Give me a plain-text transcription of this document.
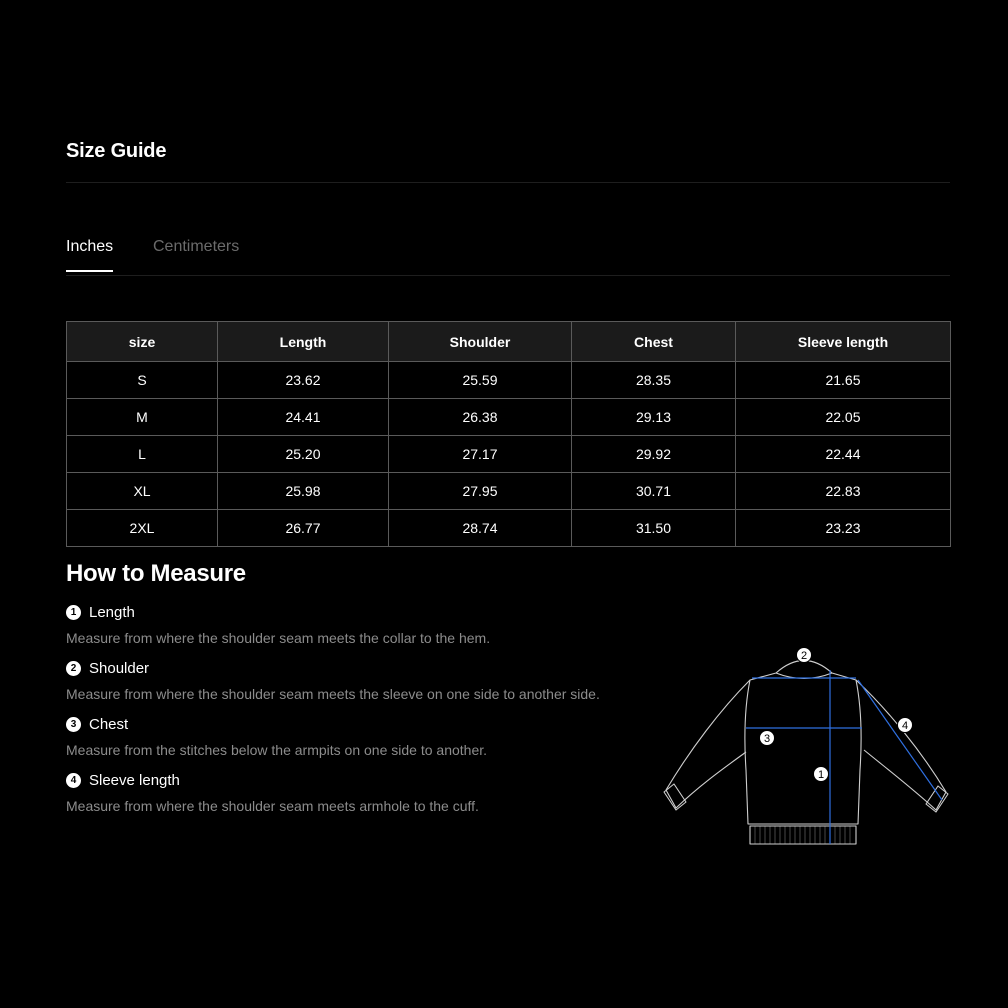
Size Guide
Inches Centimeters
size	Length	Shoulder	Chest	Sleeve length
S	23.62	25.59	28.35	21.65
M	24.41	26.38	29.13	22.05
L	25.20	27.17	29.92	22.44
XL	25.98	27.95	30.71	22.83
2XL	26.77	28.74	31.50	23.23
How to Measure
1 Length
Measure from where the shoulder seam meets the collar to the hem.
2 Shoulder
Measure from where the shoulder seam meets the sleeve on one side to another side.
3 Chest
Measure from the stitches below the armpits on one side to another.
4 Sleeve length
Measure from where the shoulder seam meets armhole to the cuff.
1
2
3
4
